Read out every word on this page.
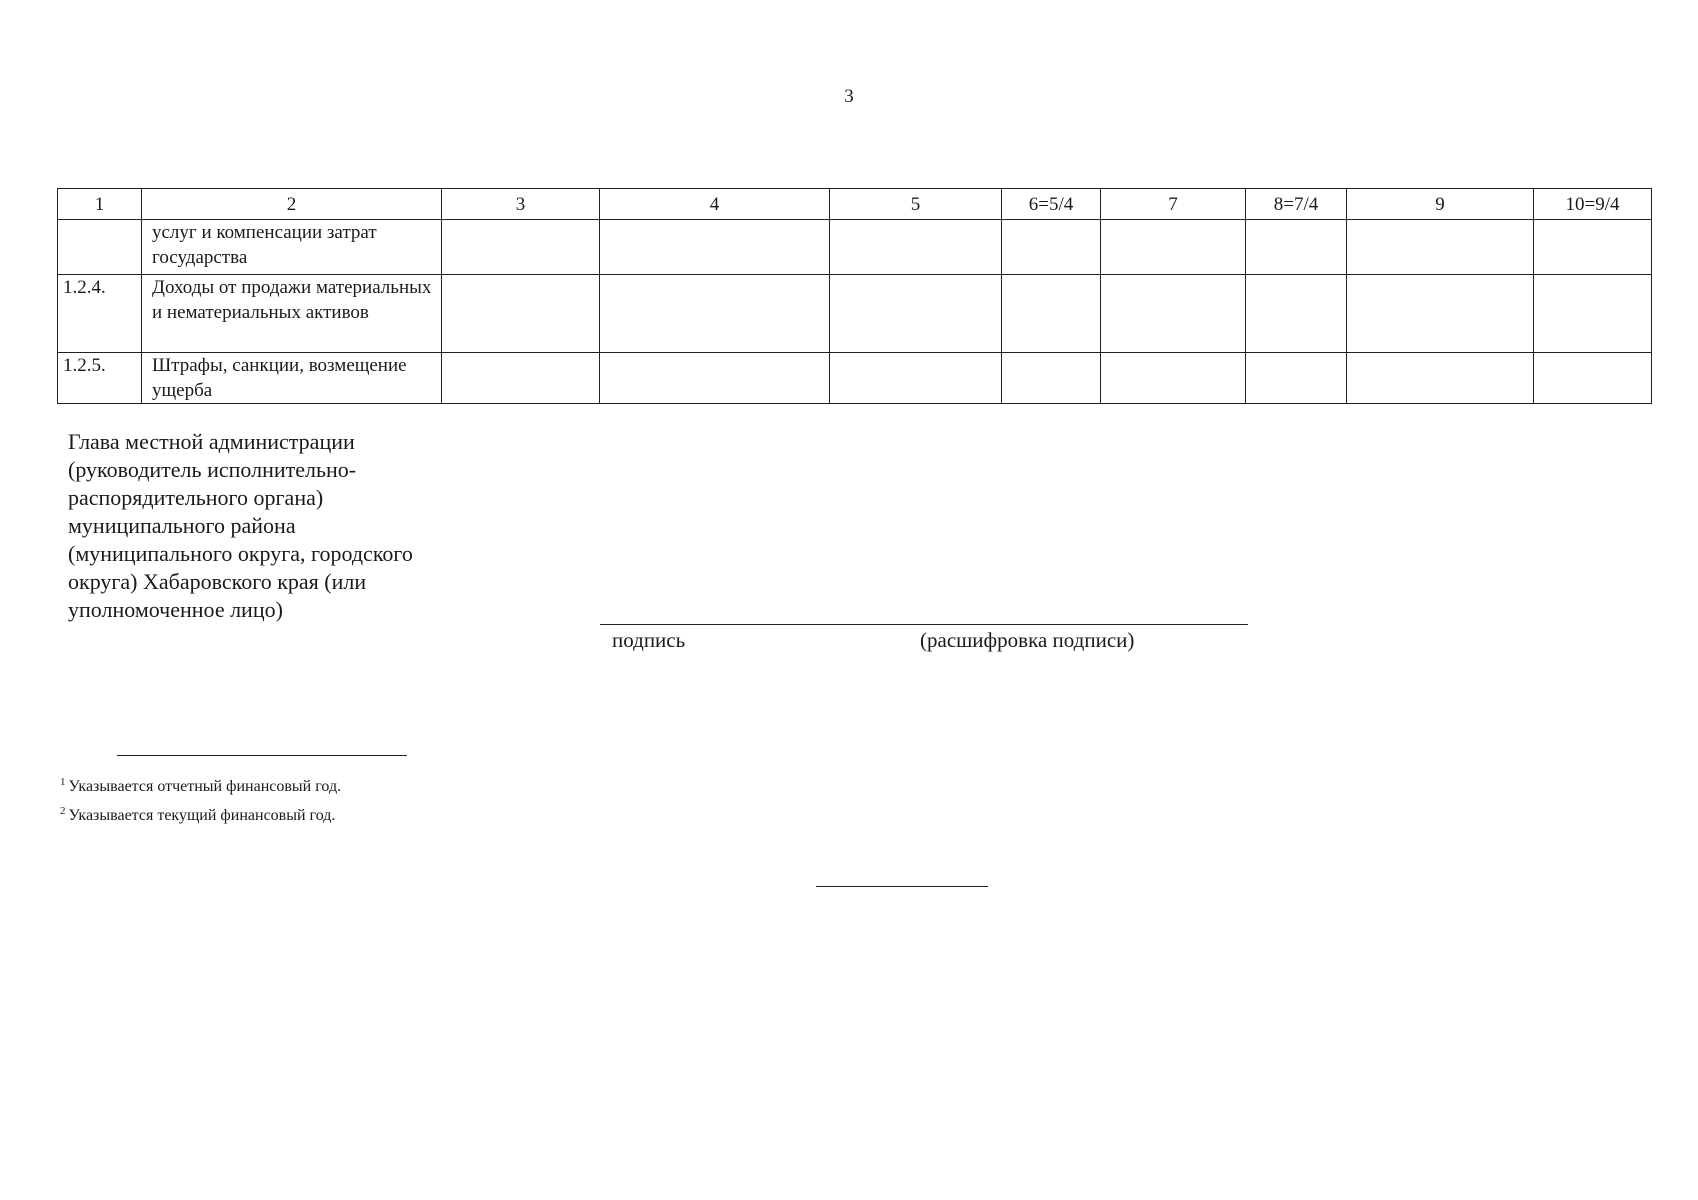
3
1	2	3	4	5	6=5/4	7	8=7/4	9	10=9/4
	услуг и компенсации затрат государства								
1.2.4.	Доходы от продажи материальных и нематериальных активов								
1.2.5.	Штрафы, санкции, возмещение ущерба								
Глава местной администрации (руководитель исполнительно-распорядительного органа) муниципального района (муниципального округа, городского округа) Хабаровского края (или уполномоченное лицо)
подпись	(расшифровка подписи)
$^1$ Указывается отчетный финансовый год.
$^2$ Указывается текущий финансовый год.
